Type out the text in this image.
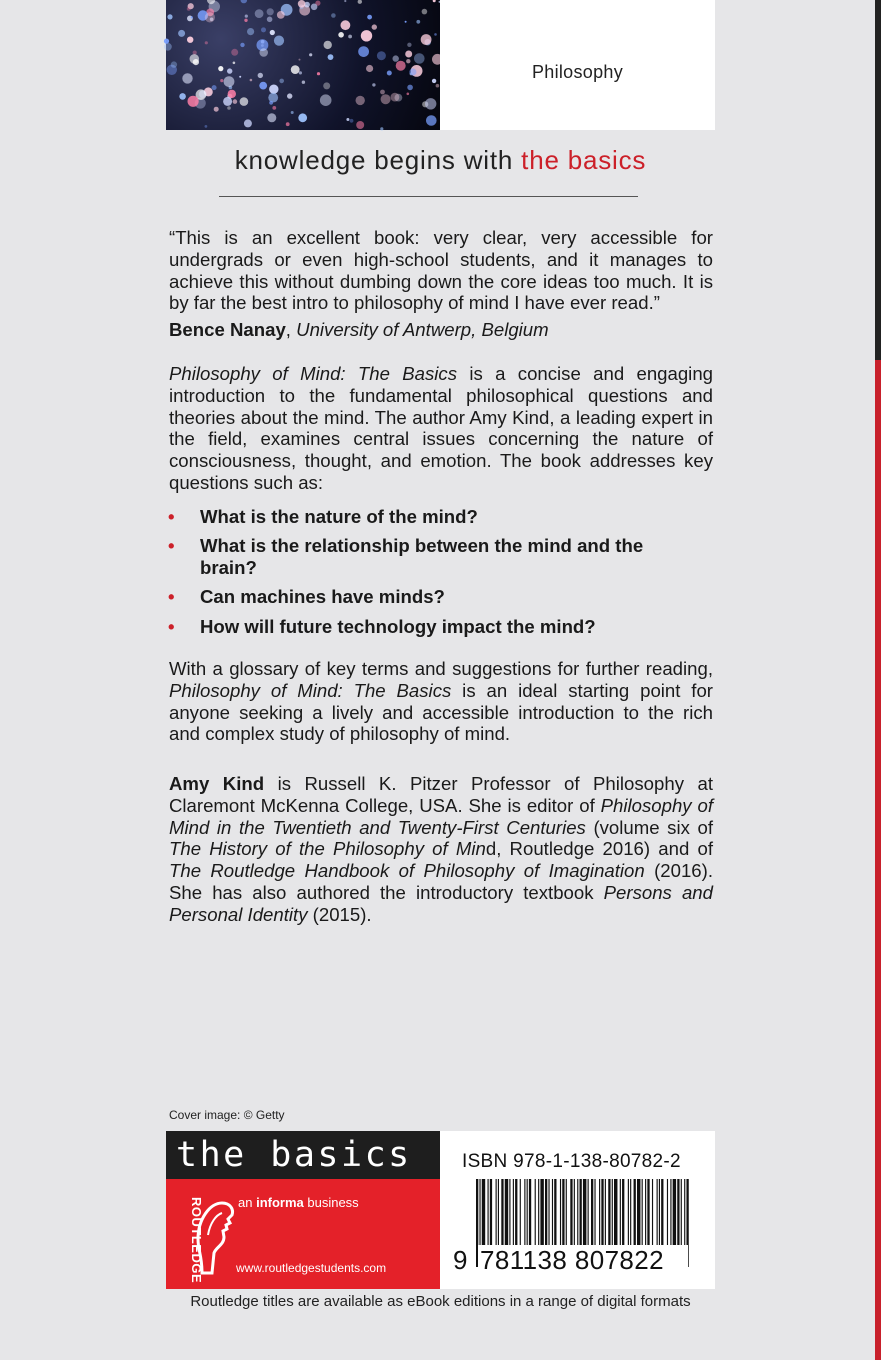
Philosophy
knowledge begins with the basics

“This is an excellent book: very clear, very accessible for undergrads or even high-school students, and it manages to achieve this without dumbing down the core ideas too much. It is by far the best intro to philosophy of mind I have ever read.”

Bence Nanay, University of Antwerp, Belgium

Philosophy of Mind: The Basics is a concise and engaging introduction to the fundamental philosophical questions and theories about the mind. The author Amy Kind, a leading expert in the field, examines central issues concerning the nature of consciousness, thought, and emotion. The book addresses key questions such as:

• What is the nature of the mind?
• What is the relationship between the mind and the brain?
• Can machines have minds?
• How will future technology impact the mind?

With a glossary of key terms and suggestions for further reading, Philosophy of Mind: The Basics is an ideal starting point for anyone seeking a lively and accessible introduction to the rich and complex study of philosophy of mind.

Amy Kind is Russell K. Pitzer Professor of Philosophy at Claremont McKenna College, USA. She is editor of Philosophy of Mind in the Twentieth and Twenty-First Centuries (volume six of The History of the Philosophy of Mind, Routledge 2016) and of The Routledge Handbook of Philosophy of Imagination (2016). She has also authored the introductory textbook Persons and Personal Identity (2015).

Cover image: © Getty
the basics
ROUTLEDGE	an informa business
www.routledgestudents.com
ISBN 978-1-138-80782-2
9 781138 807822
Routledge titles are available as eBook editions in a range of digital formats
